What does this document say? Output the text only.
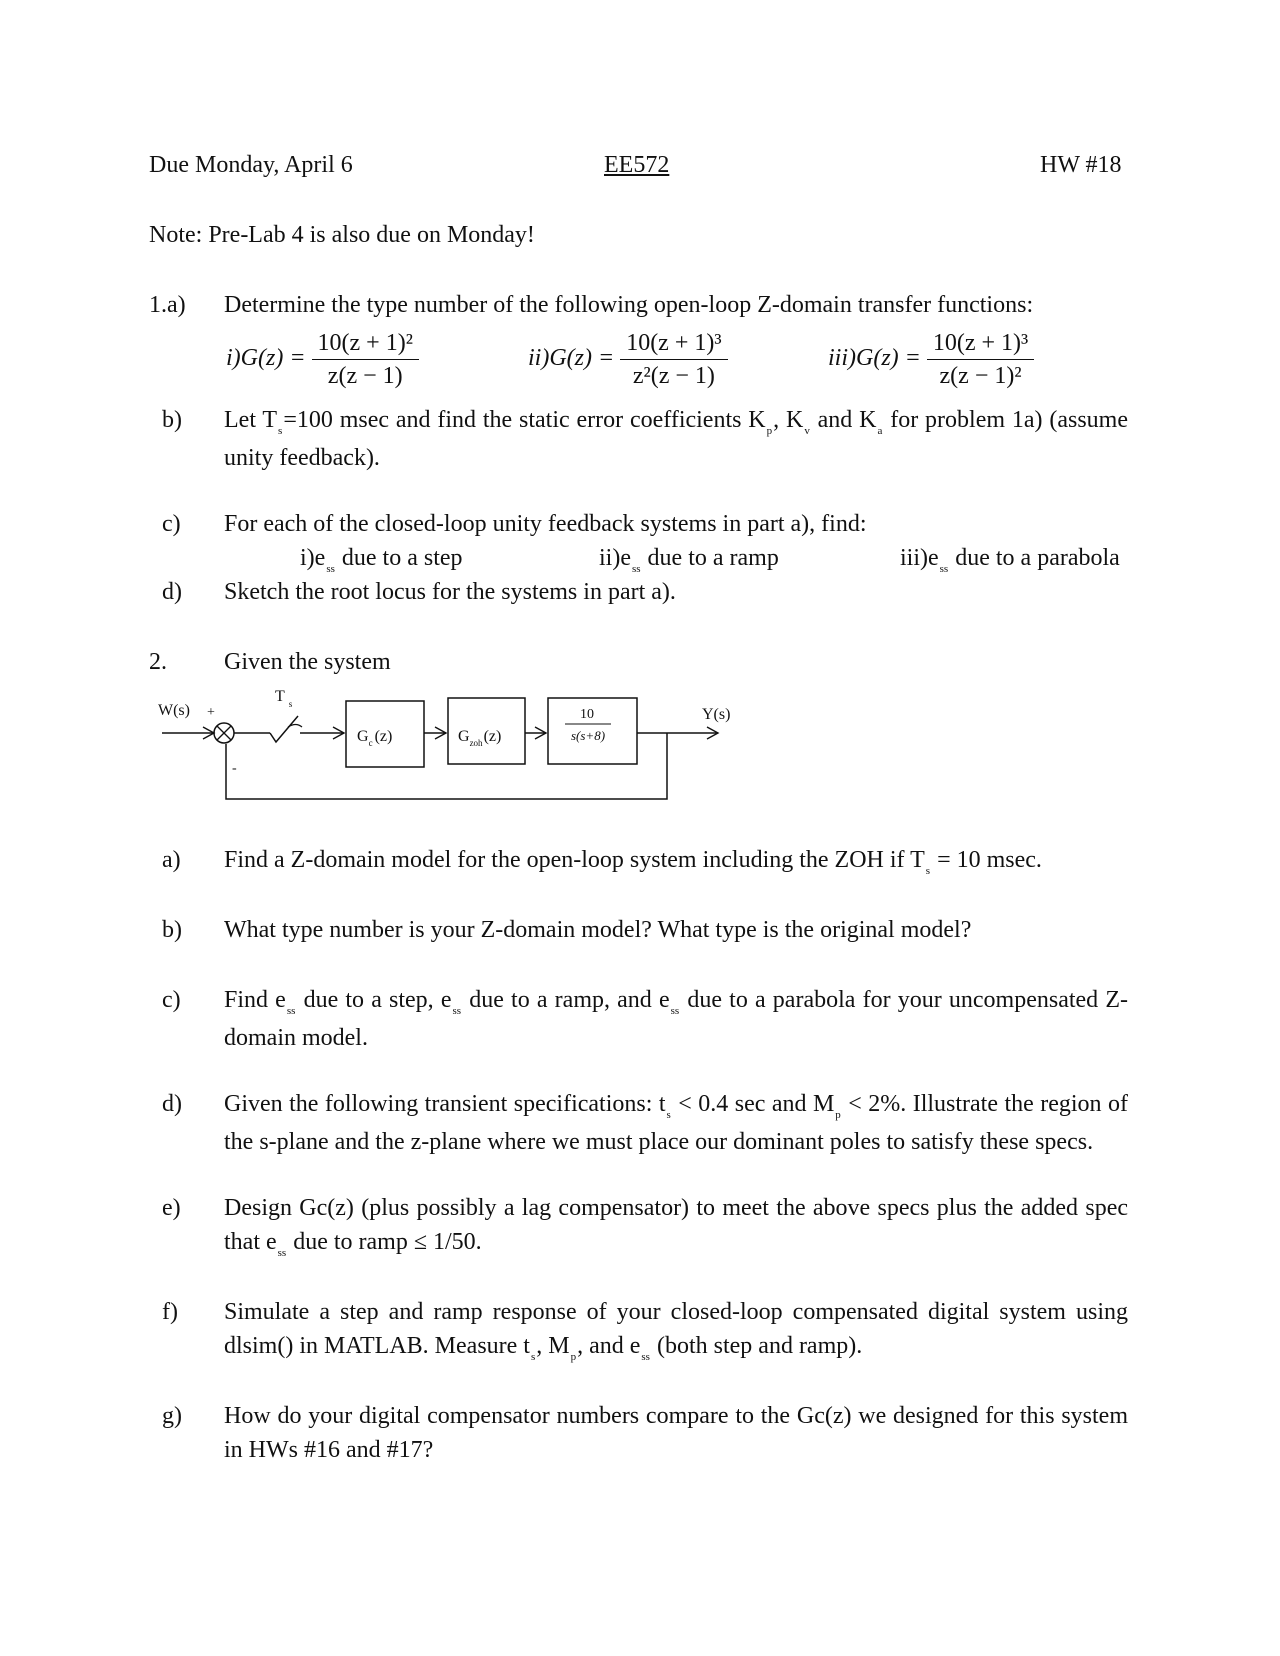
Due Monday, April 6	EE572	HW #18
Note: Pre-Lab 4 is also due on Monday!
1.a) Determine the type number of the following open-loop Z-domain transfer functions:
$i)G(z) = \frac{\text{10(z + 1)²}}{z(z - 1)}$	$ii)G(z) = \frac{\text{10(z + 1)³}}{\text{z²(z − 1)}}$	$iii)G(z) = \frac{\text{10(z + 1)³}}{\text{z(z − 1)²}}$
b) Let $T_s=100$ msec and find the static error coefficients $K_p$, $K_v$ and $K_a$ for problem 1a) (assume unity feedback).
c) For each of the closed-loop unity feedback systems in part a), find:
$i)e_{ss}$ due to a step	$ii)e_{ss}$ due to a ramp	$iii)e_{ss}$ due to a parabola
d) Sketch the root locus for the systems in part a).
2. Given the system
W(s) +
-
T $_s$
$G_c$ (z)	$G_{zoh}(z)$
10
s(s+8)
Y(s)
a) Find a Z-domain model for the open-loop system including the ZOH if $T_s = 10$ msec.
b) What type number is your Z-domain model? What type is the original model?
c) Find $e_{ss}$ due to a step, $e_{ss}$ due to a ramp, and $e_{ss}$ due to a parabola for your uncompensated Z-domain model.
d) Given the following transient specifications: $t_s < 0.4$ sec and $M_p < 2\%$. Illustrate the region of the s-plane and the z-plane where we must place our dominant poles to satisfy these specs.
e) Design Gc(z) (plus possibly a lag compensator) to meet the above specs plus the added spec that $e_{ss}$ due to ramp ≤ 1/50.
f) Simulate a step and ramp response of your closed-loop compensated digital system using dlsim() in MATLAB. Measure $t_s$, $M_p$, and $e_{ss}$ (both step and ramp).
g) How do your digital compensator numbers compare to the Gc(z) we designed for this system in HWs #16 and #17?
